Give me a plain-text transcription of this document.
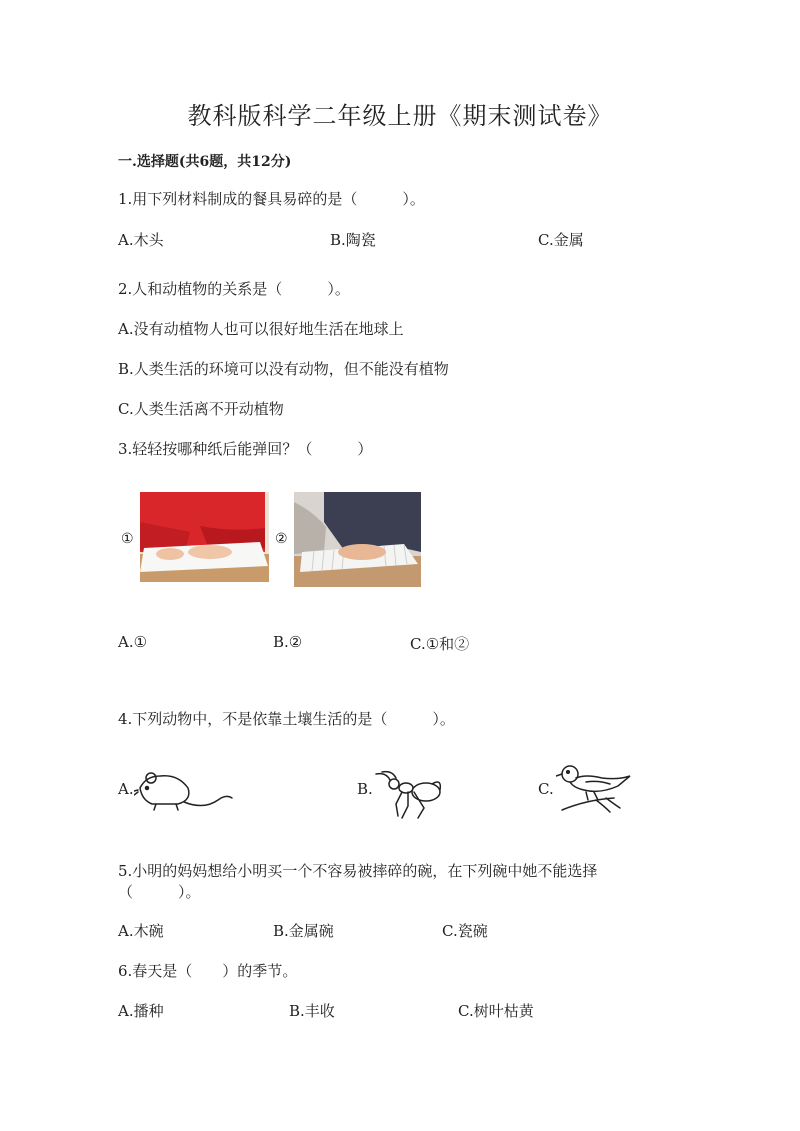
教科版科学二年级上册《期末测试卷》
一.选择题(共6题，共12分)
1.用下列材料制成的餐具易碎的是（　　　）。
A.木头	B.陶瓷	C.金属
2.人和动植物的关系是（　　　）。
A.没有动植物人也可以很好地生活在地球上
B.人类生活的环境可以没有动物，但不能没有植物
C.人类生活离不开动植物
3.轻轻按哪种纸后能弹回？（　　　）
①	②
A.①	B.②	C.①和②
4.下列动物中，不是依靠土壤生活的是（　　　）。
A.	B.	C.
5.小明的妈妈想给小明买一个不容易被摔碎的碗，在下列碗中她不能选择
（　　　）。
A.木碗	B.金属碗	C.瓷碗
6.春天是（　　）的季节。
A.播种	B.丰收	C.树叶枯黄
